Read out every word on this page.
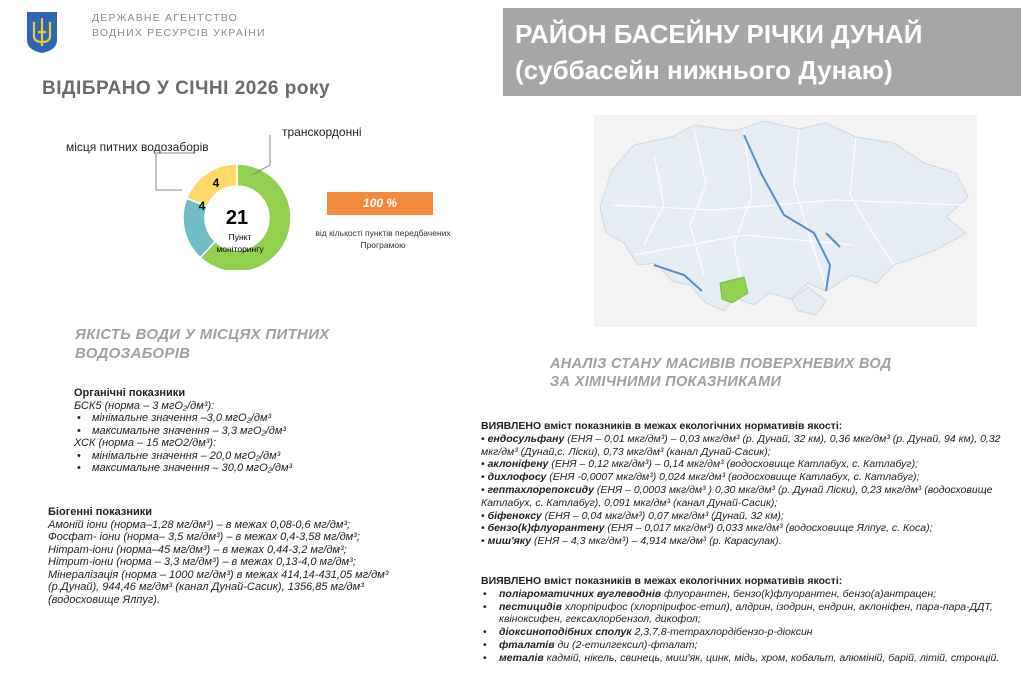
ДЕРЖАВНЕ АГЕНТСТВО
ВОДНИХ РЕСУРСІВ УКРАЇНИ	РАЙОН БАСЕЙНУ РІЧКИ ДУНАЙ
(суббасейн нижнього Дунаю)
ВІДІБРАНО У СІЧНІ 2026 року
21
Пункт
моніторингу
4
4
місця питних водозаборів
транскордонні
100 %
від кількості пунктів передбачених Програмою
ЯКІСТЬ ВОДИ У МІСЦЯХ ПИТНИХ
ВОДОЗАБОРІВ
Органічні показники
БСК5 (норма – 3 мгО₂/дм³):
• мінімальне значення –3,0 мгО₂/дм³
• максимальне значення – 3,3 мгО₂/дм³
ХСК (норма – 15 мгО2/дм³):
• мінімальне значення – 20,0 мгО₂/дм³
• максимальне значення – 30,0 мгО₂/дм³
Біогенні показники
Амоній іони (норма–1,28 мг/дм³) – в межах 0,08-0,6 мг/дм³;
Фосфат- іони (норма– 3,5 мг/дм³) – в межах 0,4-3,58 мг/дм³;
Нітрат-іони (норма–45 мг/дм³) – в межах 0,44-3,2 мг/дм³;
Нітрит-іони (норма – 3,3 мг/дм³) – в межах 0,13-4,0 мг/дм³;
Мінералізація (норма – 1000 мг/дм³) в межах 414,14-431,05 мг/дм³
(р.Дунай), 944,46 мг/дм³ (канал Дунай-Сасик), 1356,85 мг/дм³
(водосховище Ялпуг).
АНАЛІЗ СТАНУ МАСИВІВ ПОВЕРХНЕВИХ ВОД
ЗА ХІМІЧНИМИ ПОКАЗНИКАМИ
ВИЯВЛЕНО вміст показників в межах екологічних нормативів якості:
• ендосульфану (ЕНЯ – 0,01 мкг/дм³) – 0,03 мкг/дм³ (р. Дунай, 32 км), 0,36 мкг/дм³ (р. Дунай, 94 км), 0,32 мкг/дм³ (Дунай,с. Ліски), 0,73 мкг/дм³ (канал Дунай-Сасик);
• аклоніфену (ЕНЯ – 0,12 мкг/дм³) – 0,14 мкг/дм³ (водосховище Катлабух, с. Катлабуг);
• дихлофосу (ЕНЯ -0,0007 мкг/дм³) 0,024 мкг/дм³ (водосховище Катлабух, с. Катлабуг);
• гептахлорепоксиду (ЕНЯ – 0,0003 мкг/дм³ ) 0,30 мкг/дм³ (р. Дунай Ліски), 0,23 мкг/дм³ (водосховище Катлабух, с. Катлабуг), 0,091 мкг/дм³ (канал Дунай-Сасик);
• біфеноксу (ЕНЯ – 0,04 мкг/дм³) 0,07 мкг/дм³ (Дунай, 32 км);
• бензо(k)флуорантену (ЕНЯ – 0,017 мкг/дм³) 0,033 мкг/дм³ (водосховище Ялпуг, с. Коса);
• миш'яку (ЕНЯ – 4,3 мкг/дм³) – 4,914 мкг/дм³ (р. Карасулак).
ВИЯВЛЕНО вміст показників в межах екологічних нормативів якості:
• поліароматичних вуглеводнів флуорантен, бензо(k)флуорантен, бензо(а)антрацен;
• пестицидів хлорпірифос (хлорпірифос-етил), алдрин, ізодрин, ендрин, аклоніфен, пара-пара-ДДТ, квіноксифен, гексахлорбензол, дикофол;
• діоксиноподібних сполук 2,3,7,8-тетрахлордібензо-р-діоксин
• фталатів ди (2-етилгексил)-фталат;
• металів кадмій, нікель, свинець, миш'як, цинк, мідь, хром, кобальт, алюміній, барій, літій, стронцій.
